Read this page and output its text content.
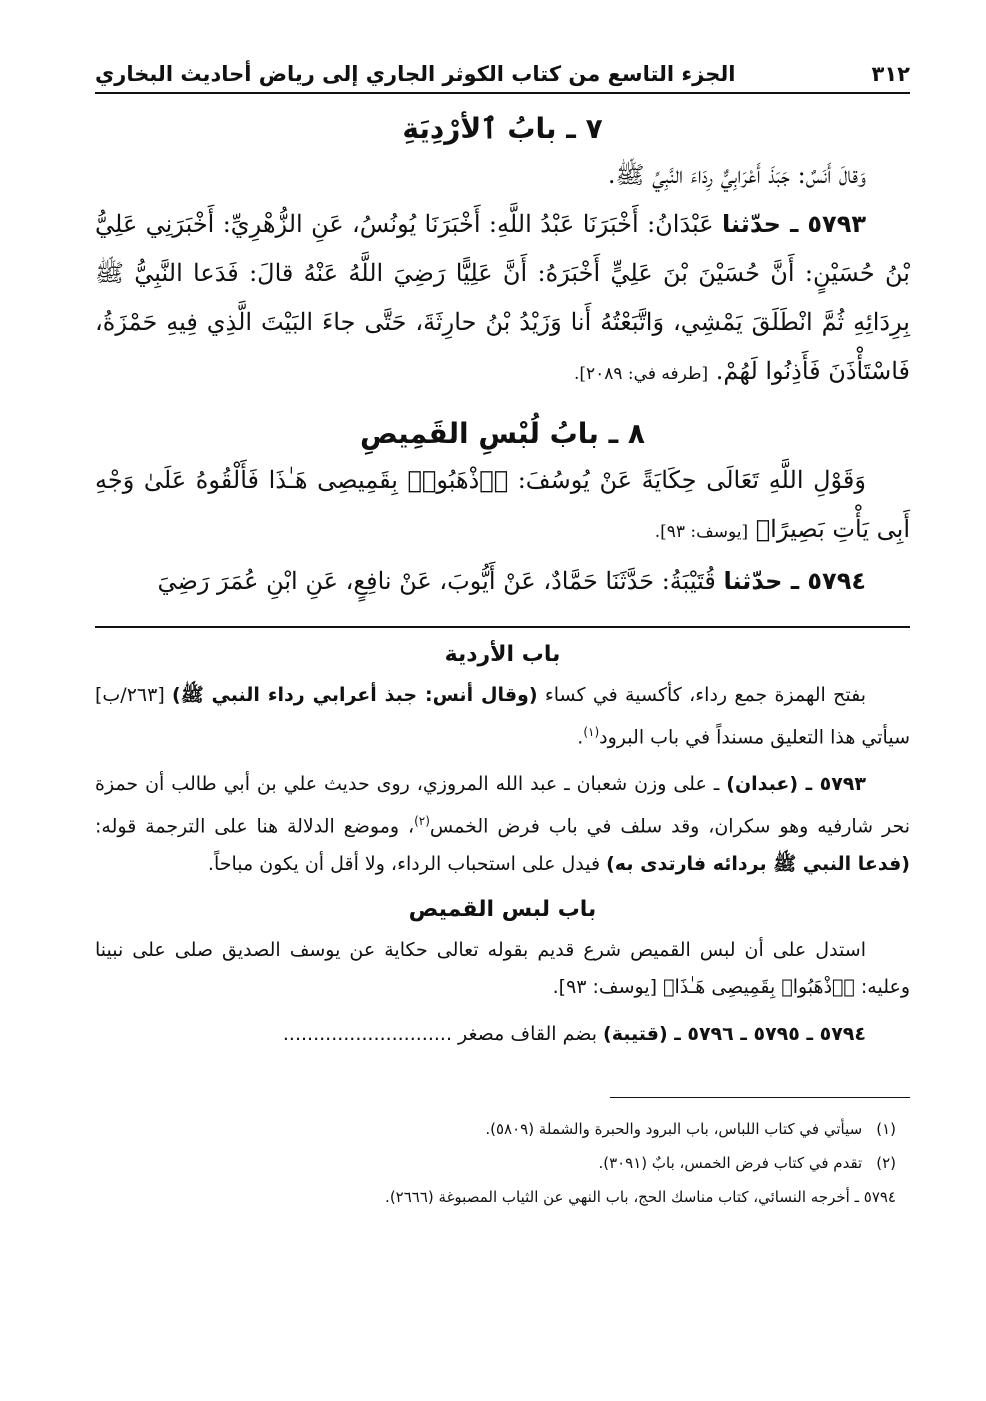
٣١٢
الجزء التاسع من كتاب الكوثر الجاري إلى رياض أحاديث البخاري
٧ ـ بابُ ٱلأرْدِيَةِ

وَقالَ أَنَسٌ: جَبَذَ أَعْرَابِيٌّ رِدَاءَ النَّبِيِّ ﷺ.

٥٧٩٣ ـ حدّثنا عَبْدَانُ: أَخْبَرَنَا عَبْدُ اللَّهِ: أَخْبَرَنَا يُونُسُ، عَنِ الزُّهْرِيِّ: أَخْبَرَنِي عَلِيُّ بْنُ حُسَيْنٍ: أَنَّ حُسَيْنَ بْنَ عَلِيٍّ أَخْبَرَهُ: أَنَّ عَلِيًّا رَضِيَ اللَّهُ عَنْهُ قالَ: فَدَعا النَّبِيُّ ﷺ بِرِدَائِهِ ثُمَّ انْطَلَقَ يَمْشِي، وَاتَّبَعْتُهُ أَنا وَزَيْدُ بْنُ حارِثَةَ، حَتَّى جاءَ البَيْتَ الَّذِي فِيهِ حَمْزَةُ، فَاسْتَأْذَنَ فَأَذِنُوا لَهُمْ. [طرفه في: ٢٠٨٩].

٨ ـ بابُ لُبْسِ القَمِيصِ

وَقَوْلِ اللَّهِ تَعَالَى حِكَايَةً عَنْ يُوسُفَ: ﴿ٱذْهَبُوا۟ بِقَمِيصِى هَـٰذَا فَأَلْقُوهُ عَلَىٰ وَجْهِ أَبِى يَأْتِ بَصِيرًا﴾ [يوسف: ٩٣].

٥٧٩٤ ـ حدّثنا قُتَيْبَةُ: حَدَّثَنَا حَمَّادٌ، عَنْ أَيُّوبَ، عَنْ نافِعٍ، عَنِ ابْنِ عُمَرَ رَضِيَ

باب الأردية

بفتح الهمزة جمع رداء، كأكسية في كساء (وقال أنس: جبذ أعرابي رداء النبي ﷺ) [٢٦٣/ب] سيأتي هذا التعليق مسنداً في باب البرود$^{(١)}$.

٥٧٩٣ ـ (عبدان) ـ على وزن شعبان ـ عبد الله المروزي، روى حديث علي بن أبي طالب أن حمزة نحر شارفيه وهو سكران، وقد سلف في باب فرض الخمس$^{(٢)}$، وموضع الدلالة هنا على الترجمة قوله: (فدعا النبي ﷺ بردائه فارتدى به) فيدل على استحباب الرداء، ولا أقل أن يكون مباحاً.

باب لبس القميص

استدل على أن لبس القميص شرع قديم بقوله تعالى حكاية عن يوسف الصديق صلى على نبينا وعليه: ﴿ٱذْهَبُوا۟ بِقَمِيصِى هَـٰذَا﴾ [يوسف: ٩٣].

٥٧٩٤ ـ ٥٧٩٥ ـ ٥٧٩٦ ـ (قتيبة) بضم القاف مصغر ............................

(١)سيأتي في كتاب اللباس، باب البرود والحبرة والشملة (٥٨٠٩).

(٢)تقدم في كتاب فرض الخمس، بابٌ (٣٠٩١).

٥٧٩٤ ـ أخرجه النسائي، كتاب مناسك الحج، باب النهي عن الثياب المصبوغة (٢٦٦٦).
